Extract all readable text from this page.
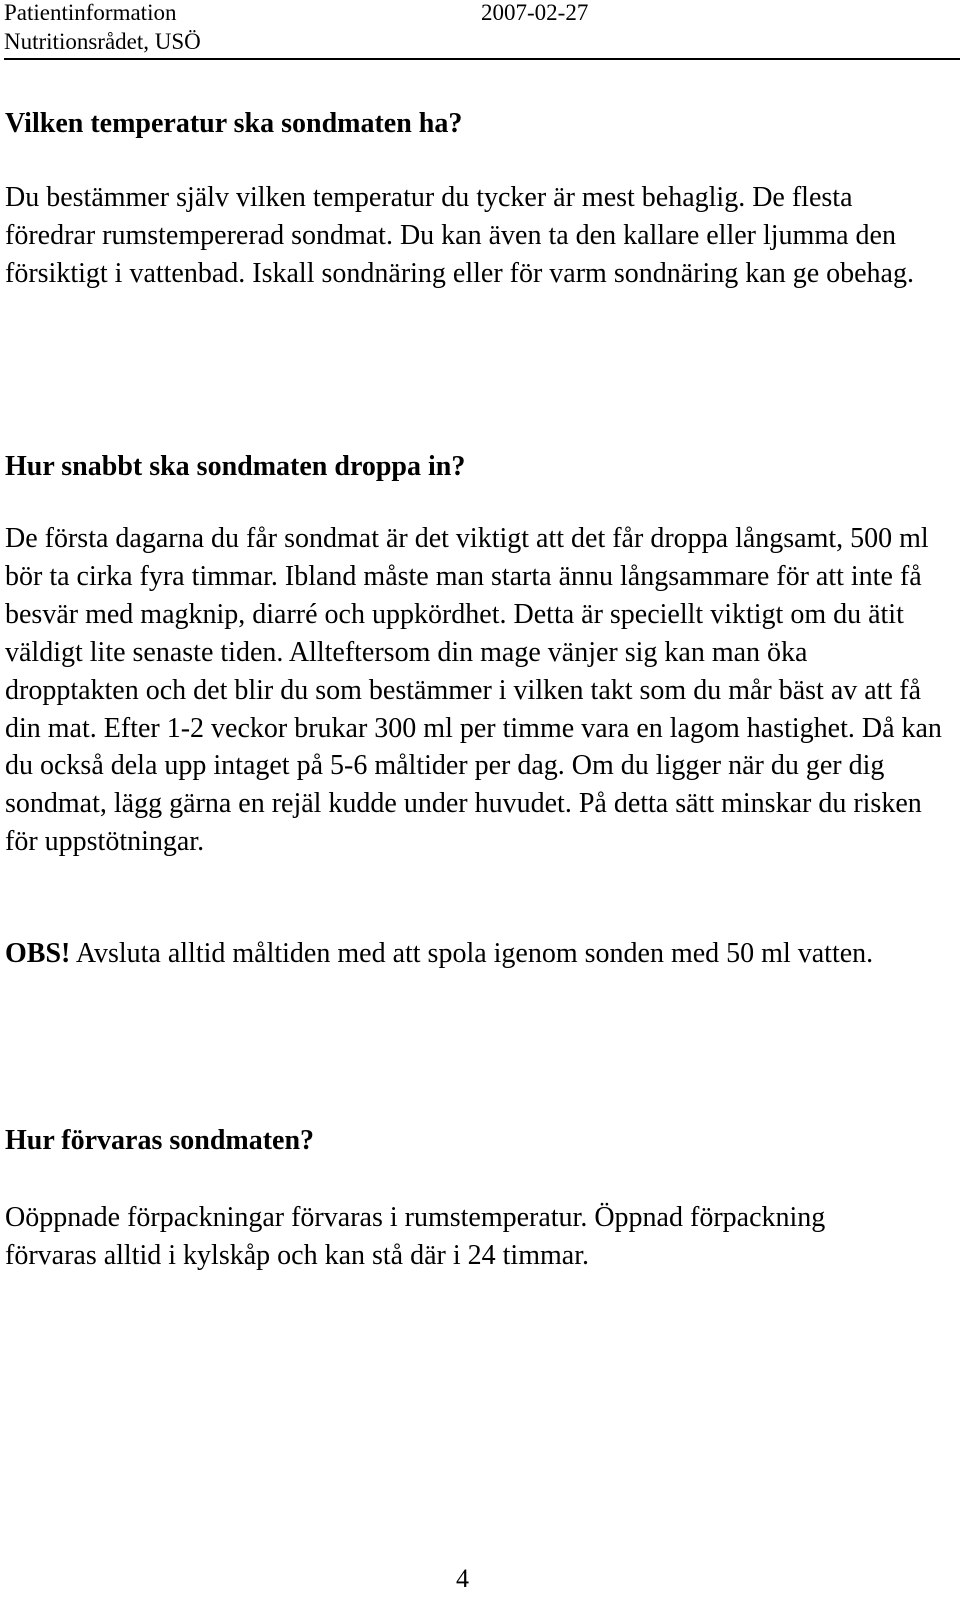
Patientinformation	2007-02-27
Nutritionsrådet, USÖ
Vilken temperatur ska sondmaten ha?

Du bestämmer själv vilken temperatur du tycker är mest behaglig. De flesta föredrar rumstempererad sondmat. Du kan även ta den kallare eller ljumma den försiktigt i vattenbad. Iskall sondnäring eller för varm sondnäring kan ge obehag.

Hur snabbt ska sondmaten droppa in?

De första dagarna du får sondmat är det viktigt att det får droppa långsamt, 500 ml bör ta cirka fyra timmar. Ibland måste man starta ännu långsammare för att inte få besvär med magknip, diarré och uppkördhet. Detta är speciellt viktigt om du ätit väldigt lite senaste tiden. Allteftersom din mage vänjer sig kan man öka dropptakten och det blir du som bestämmer i vilken takt som du mår bäst av att få din mat. Efter 1-2 veckor brukar 300 ml per timme vara en lagom hastighet. Då kan du också dela upp intaget på 5-6 måltider per dag. Om du ligger när du ger dig sondmat, lägg gärna en rejäl kudde under huvudet. På detta sätt minskar du risken för uppstötningar.

OBS! Avsluta alltid måltiden med att spola igenom sonden med 50 ml vatten.

Hur förvaras sondmaten?

Oöppnade förpackningar förvaras i rumstemperatur. Öppnad förpackning förvaras alltid i kylskåp och kan stå där i 24 timmar.

4
